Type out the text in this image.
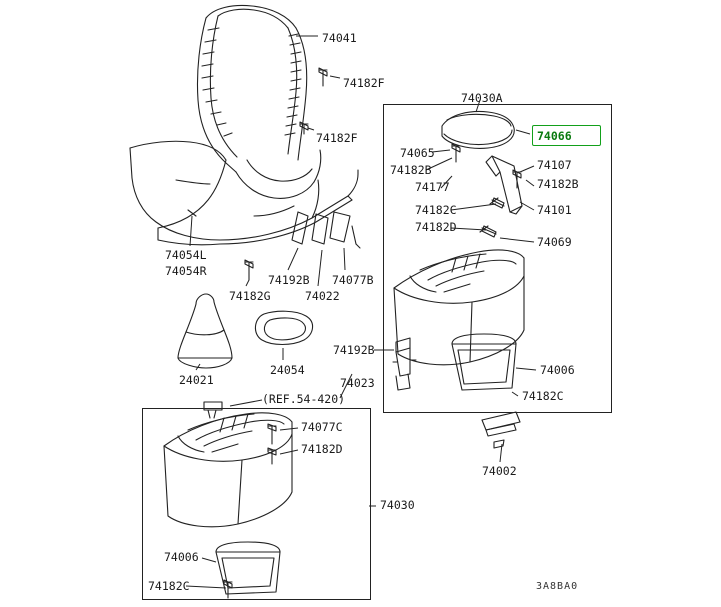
74041
74182F
74182F
74030A
74066
74065
74107
74182B
74177	74182B
74182C	74101
74182D
74069
74054L
74054R
74192B 74077B
74182G	74022
74192B
74006
24054
24021	74023
74182C
(REF.54-420)
74077C
74182D
74002
74030
74006
74182C	3A8BA0
